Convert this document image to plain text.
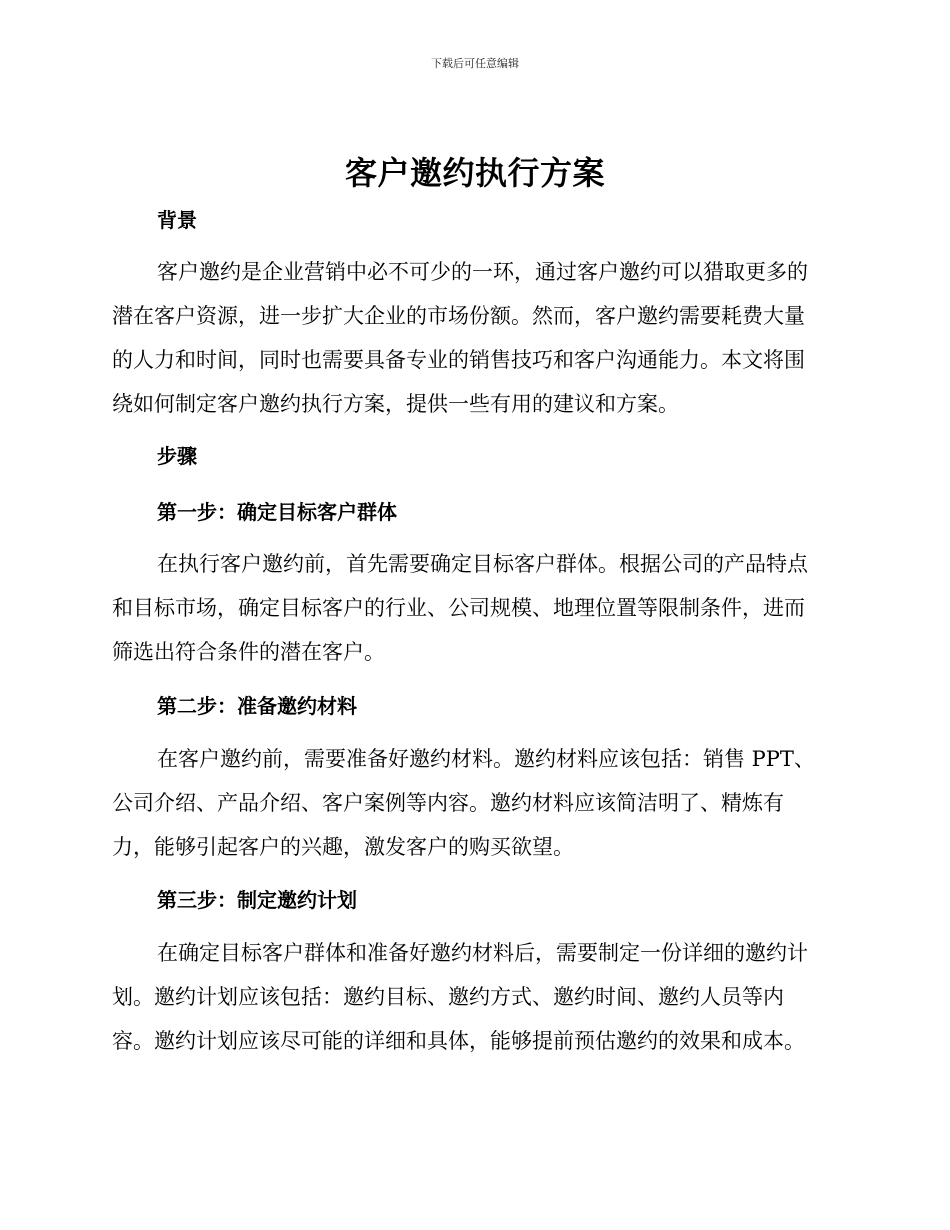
下载后可任意编辑
客户邀约执行方案
背景
客户邀约是企业营销中必不可少的一环，通过客户邀约可以猎取更多的
潜在客户资源，进一步扩大企业的市场份额。然而，客户邀约需要耗费大量
的人力和时间，同时也需要具备专业的销售技巧和客户沟通能力。本文将围
绕如何制定客户邀约执行方案，提供一些有用的建议和方案。
步骤
第一步：确定目标客户群体
在执行客户邀约前，首先需要确定目标客户群体。根据公司的产品特点
和目标市场，确定目标客户的行业、公司规模、地理位置等限制条件，进而
筛选出符合条件的潜在客户。
第二步：准备邀约材料
在客户邀约前，需要准备好邀约材料。邀约材料应该包括：销售 PPT、
公司介绍、产品介绍、客户案例等内容。邀约材料应该简洁明了、精炼有
力，能够引起客户的兴趣，激发客户的购买欲望。
第三步：制定邀约计划
在确定目标客户群体和准备好邀约材料后，需要制定一份详细的邀约计
划。邀约计划应该包括：邀约目标、邀约方式、邀约时间、邀约人员等内
容。邀约计划应该尽可能的详细和具体，能够提前预估邀约的效果和成本。
